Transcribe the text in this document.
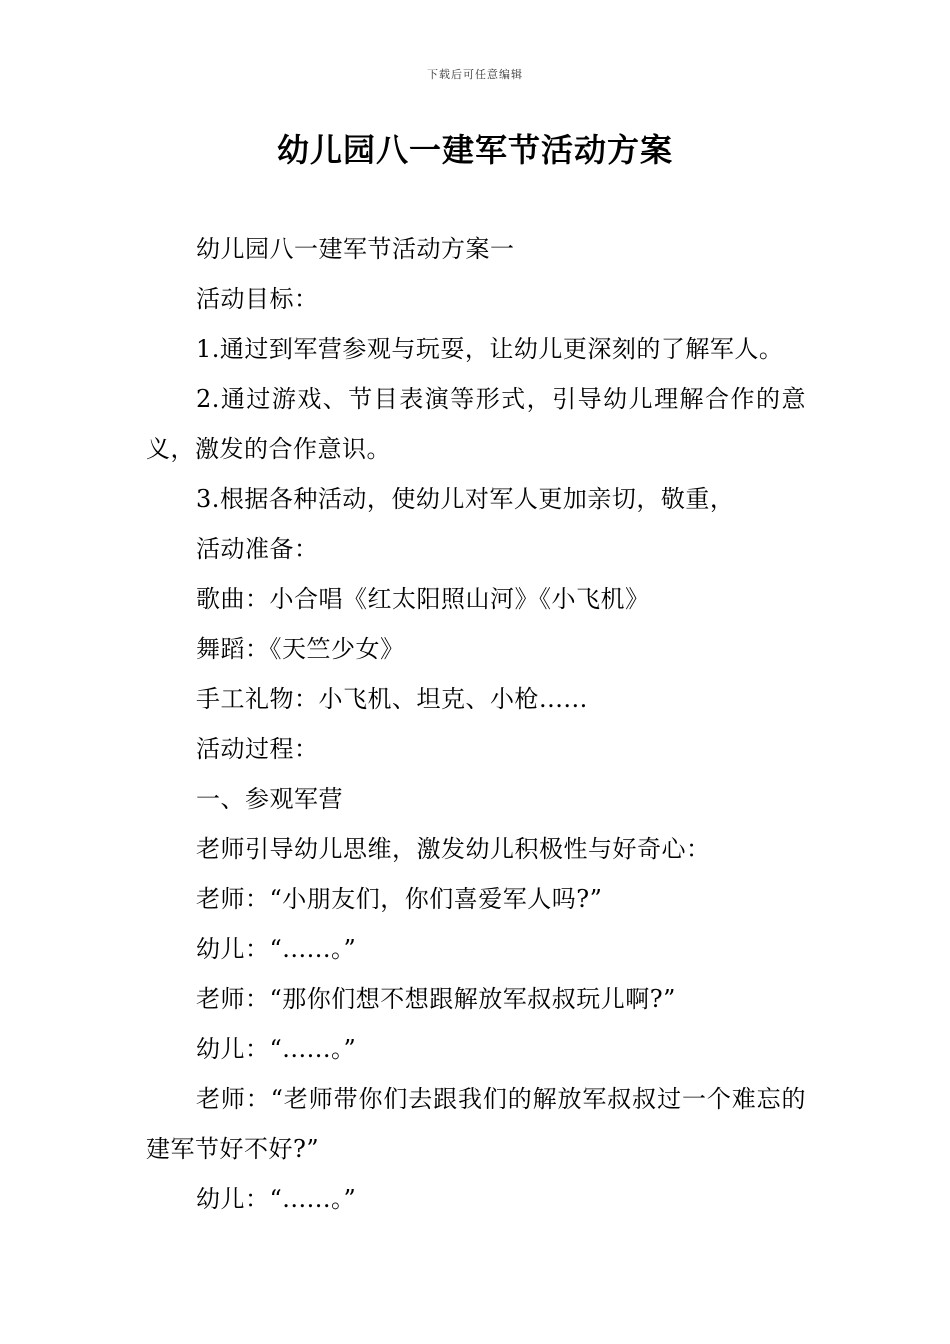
下载后可任意编辑
幼儿园八一建军节活动方案

幼儿园八一建军节活动方案一

活动目标：

1.通过到军营参观与玩耍，让幼儿更深刻的了解军人。

2.通过游戏、节目表演等形式，引导幼儿理解合作的意义，激发的合作意识。

3.根据各种活动，使幼儿对军人更加亲切，敬重，

活动准备：

歌曲：小合唱《红太阳照山河》《小飞机》

舞蹈：《天竺少女》

手工礼物：小飞机、坦克、小枪......

活动过程：

一、参观军营

老师引导幼儿思维，激发幼儿积极性与好奇心：

老师：“小朋友们，你们喜爱军人吗?”

幼儿：“......。”

老师：“那你们想不想跟解放军叔叔玩儿啊?”

幼儿：“......。”

老师：“老师带你们去跟我们的解放军叔叔过一个难忘的建军节好不好?”

幼儿：“......。”
